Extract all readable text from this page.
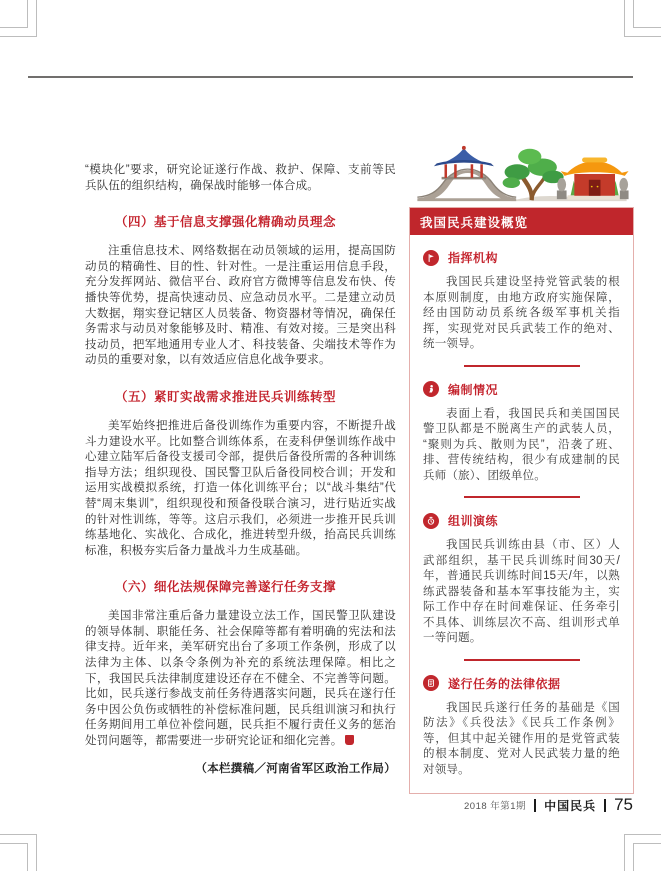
“模块化”要求，研究论证遂行作战、救护、保障、支前等民兵队伍的组织结构，确保战时能够一体合成。

（四）基于信息支撑强化精确动员理念

注重信息技术、网络数据在动员领域的运用，提高国防动员的精确性、目的性、针对性。一是注重运用信息手段，充分发挥网站、微信平台、政府官方微博等信息发布快、传播快等优势，提高快速动员、应急动员水平。二是建立动员大数据，翔实登记辖区人员装备、物资器材等情况，确保任务需求与动员对象能够及时、精准、有效对接。三是突出科技动员，把军地通用专业人才、科技装备、尖端技术等作为动员的重要对象，以有效适应信息化战争要求。

（五）紧盯实战需求推进民兵训练转型

美军始终把推进后备役训练作为重要内容，不断提升战斗力建设水平。比如整合训练体系，在麦科伊堡训练作战中心建立陆军后备役支援司令部，提供后备役所需的各种训练指导方法；组织现役、国民警卫队后备役同校合训；开发和运用实战模拟系统，打造一体化训练平台；以“战斗集结”代替“周末集训”，组织现役和预备役联合演习，进行贴近实战的针对性训练，等等。这启示我们，必须进一步推开民兵训练基地化、实战化、合成化，推进转型升级，抬高民兵训练标准，积极夯实后备力量战斗力生成基础。

（六）细化法规保障完善遂行任务支撑

美国非常注重后备力量建设立法工作，国民警卫队建设的领导体制、职能任务、社会保障等都有着明确的宪法和法律支持。近年来，美军研究出台了多项工作条例，形成了以法律为主体、以条令条例为补充的系统法理保障。相比之下，我国民兵法律制度建设还存在不健全、不完善等问题。比如，民兵遂行参战支前任务待遇落实问题，民兵在遂行任务中因公负伤或牺牲的补偿标准问题，民兵组训演习和执行任务期间用工单位补偿问题，民兵拒不履行责任义务的惩治处罚问题等，都需要进一步研究论证和细化完善。

（本栏撰稿／河南省军区政治工作局）

我国民兵建设概览
指挥机构

我国民兵建设坚持党管武装的根本原则制度，由地方政府实施保障，经由国防动员系统各级军事机关指挥，实现党对民兵武装工作的绝对、统一领导。

编制情况

表面上看，我国民兵和美国国民警卫队都是不脱离生产的武装人员，“聚则为兵、散则为民”，沿袭了班、排、营传统结构，很少有成建制的民兵师（旅）、团级单位。

组训演练

我国民兵训练由县（市、区）人武部组织，基干民兵训练时间30天/年，普通民兵训练时间15天/年，以熟练武器装备和基本军事技能为主，实际工作中存在时间难保证、任务牵引不具体、训练层次不高、组训形式单一等问题。

遂行任务的法律依据

我国民兵遂行任务的基础是《国防法》《兵役法》《民兵工作条例》等，但其中起关键作用的是党管武装的根本制度、党对人民武装力量的绝对领导。

2018 年第1期 中国民兵 75
